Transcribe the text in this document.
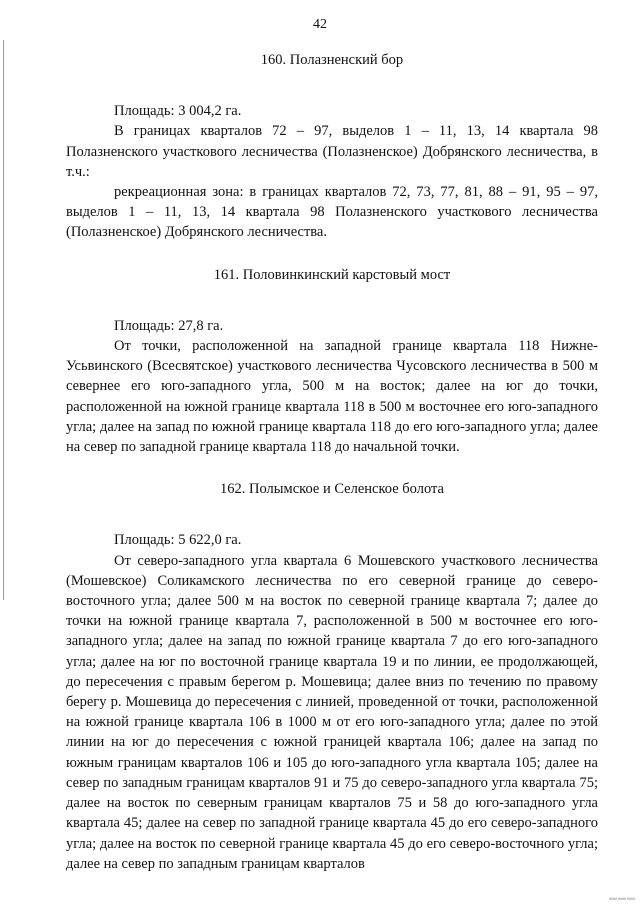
42

160. Полазненский бор

Площадь: 3 004,2 га.

В границах кварталов 72 – 97, выделов 1 – 11, 13, 14 квартала 98 Полазненского участкового лесничества (Полазненское) Добрянского лесничества, в т.ч.:

рекреационная зона: в границах кварталов 72, 73, 77, 81, 88 – 91, 95 – 97, выделов 1 – 11, 13, 14 квартала 98 Полазненского участкового лесничества (Полазненское) Добрянского лесничества.

161. Половинкинский карстовый мост

Площадь: 27,8 га.

От точки, расположенной на западной границе квартала 118 Нижне-Усьвинского (Всесвятское) участкового лесничества Чусовского лесничества в 500 м севернее его юго-западного угла, 500 м на восток; далее на юг до точки, расположенной на южной границе квартала 118 в 500 м восточнее его юго-западного угла; далее на запад по южной границе квартала 118 до его юго-западного угла; далее на север по западной границе квартала 118 до начальной точки.

162. Полымское и Селенское болота

Площадь: 5 622,0 га.

От северо-западного угла квартала 6 Мошевского участкового лесничества (Мошевское) Соликамского лесничества по его северной границе до северо-восточного угла; далее 500 м на восток по северной границе квартала 7; далее до точки на южной границе квартала 7, расположенной в 500 м восточнее его юго-западного угла; далее на запад по южной границе квартала 7 до его юго-западного угла; далее на юг по восточной границе квартала 19 и по линии, ее продолжающей, до пересечения с правым берегом р. Мошевица; далее вниз по течению по правому берегу р. Мошевица до пересечения с линией, проведенной от точки, расположенной на южной границе квартала 106 в 1000 м от его юго-западного угла; далее по этой линии на юг до пересечения с южной границей квартала 106; далее на запад по южным границам кварталов 106 и 105 до юго-западного угла квартала 105; далее на север по западным границам кварталов 91 и 75 до северо-западного угла квартала 75; далее на восток по северным границам кварталов 75 и 58 до юго-западного угла квартала 45; далее на север по западной границе квартала 45 до его северо-западного угла; далее на восток по северной границе квартала 45 до его северо-восточного угла; далее на север по западным границам кварталов

▬▬▬
